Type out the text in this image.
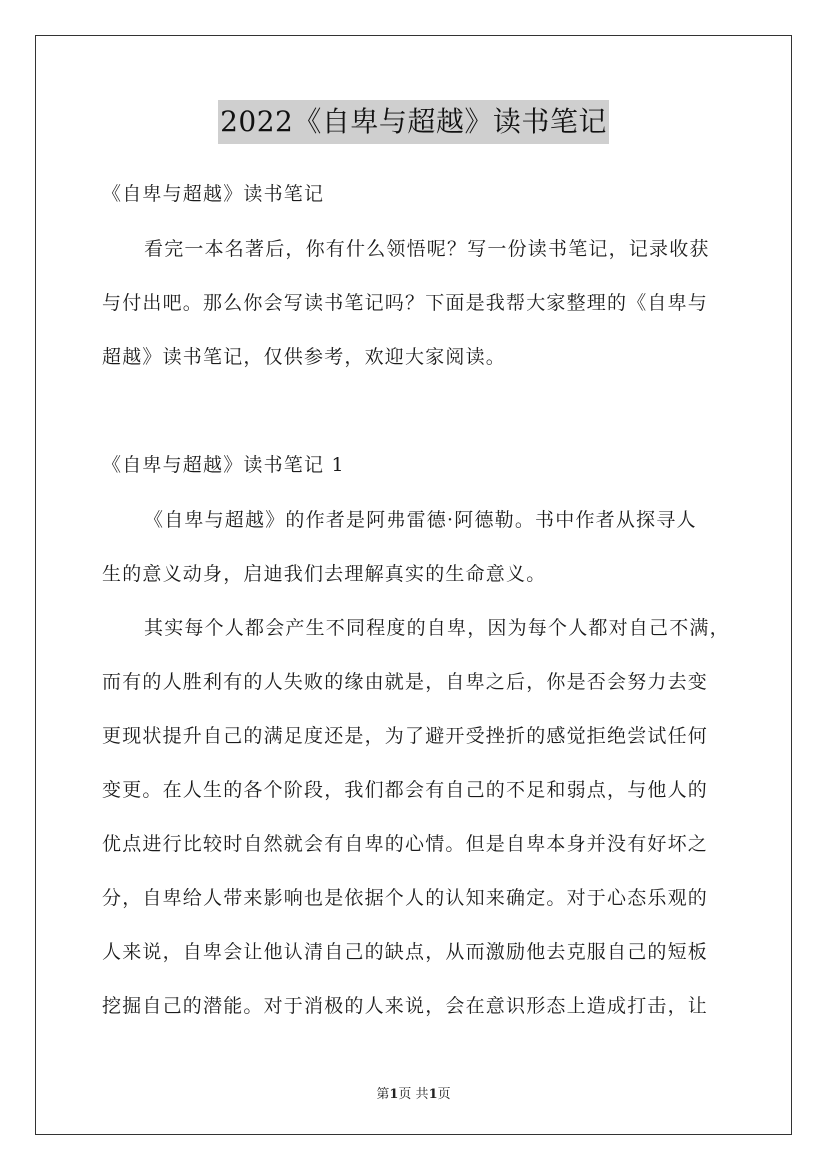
2022《自卑与超越》读书笔记
《自卑与超越》读书笔记
看完一本名著后，你有什么领悟呢？写一份读书笔记，记录收获
与付出吧。那么你会写读书笔记吗？下面是我帮大家整理的《自卑与
超越》读书笔记，仅供参考，欢迎大家阅读。
《自卑与超越》读书笔记 1
《自卑与超越》的作者是阿弗雷德·阿德勒。书中作者从探寻人
生的意义动身，启迪我们去理解真实的生命意义。
其实每个人都会产生不同程度的自卑，因为每个人都对自己不满，
而有的人胜利有的人失败的缘由就是，自卑之后，你是否会努力去变
更现状提升自己的满足度还是，为了避开受挫折的感觉拒绝尝试任何
变更。在人生的各个阶段，我们都会有自己的不足和弱点，与他人的
优点进行比较时自然就会有自卑的心情。但是自卑本身并没有好坏之
分，自卑给人带来影响也是依据个人的认知来确定。对于心态乐观的
人来说，自卑会让他认清自己的缺点，从而激励他去克服自己的短板
挖掘自己的潜能。对于消极的人来说，会在意识形态上造成打击，让
第1页 共1页
